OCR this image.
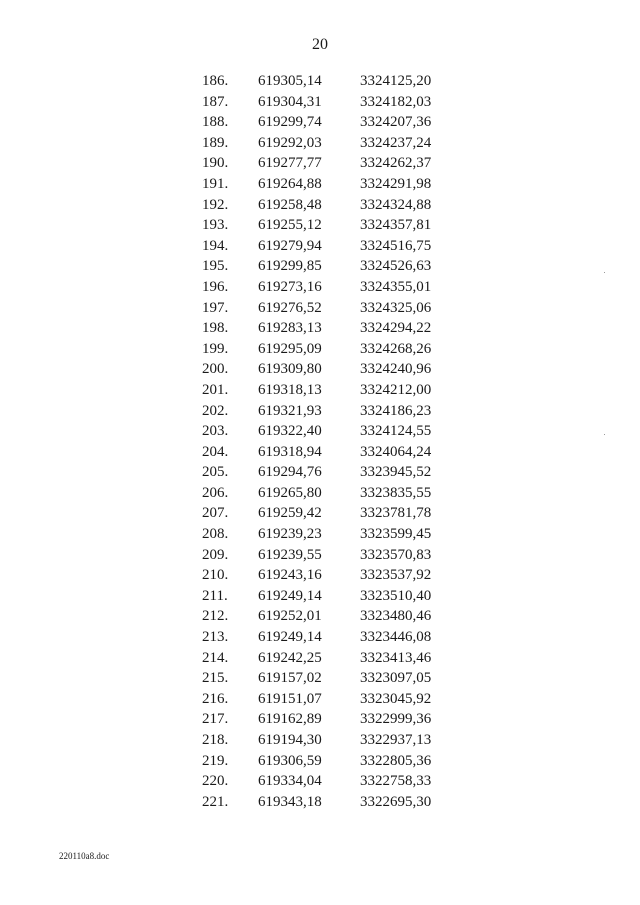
20
186. 619305,14	3324125,20
187. 619304,31	3324182,03
188. 619299,74	3324207,36
189. 619292,03	3324237,24
190. 619277,77	3324262,37
191. 619264,88	3324291,98
192. 619258,48	3324324,88
193. 619255,12	3324357,81
194. 619279,94	3324516,75
195. 619299,85	3324526,63
196. 619273,16	3324355,01
197. 619276,52	3324325,06
198. 619283,13	3324294,22
199. 619295,09	3324268,26
200. 619309,80	3324240,96
201. 619318,13	3324212,00
202. 619321,93	3324186,23
203. 619322,40	3324124,55
204. 619318,94	3324064,24
205. 619294,76	3323945,52
206. 619265,80	3323835,55
207. 619259,42	3323781,78
208. 619239,23	3323599,45
209. 619239,55	3323570,83
210. 619243,16	3323537,92
211. 619249,14	3323510,40
212. 619252,01	3323480,46
213. 619249,14	3323446,08
214. 619242,25	3323413,46
215. 619157,02	3323097,05
216. 619151,07	3323045,92
217. 619162,89	3322999,36
218. 619194,30	3322937,13
219. 619306,59	3322805,36
220. 619334,04	3322758,33
221. 619343,18	3322695,30
220110a8.doc
